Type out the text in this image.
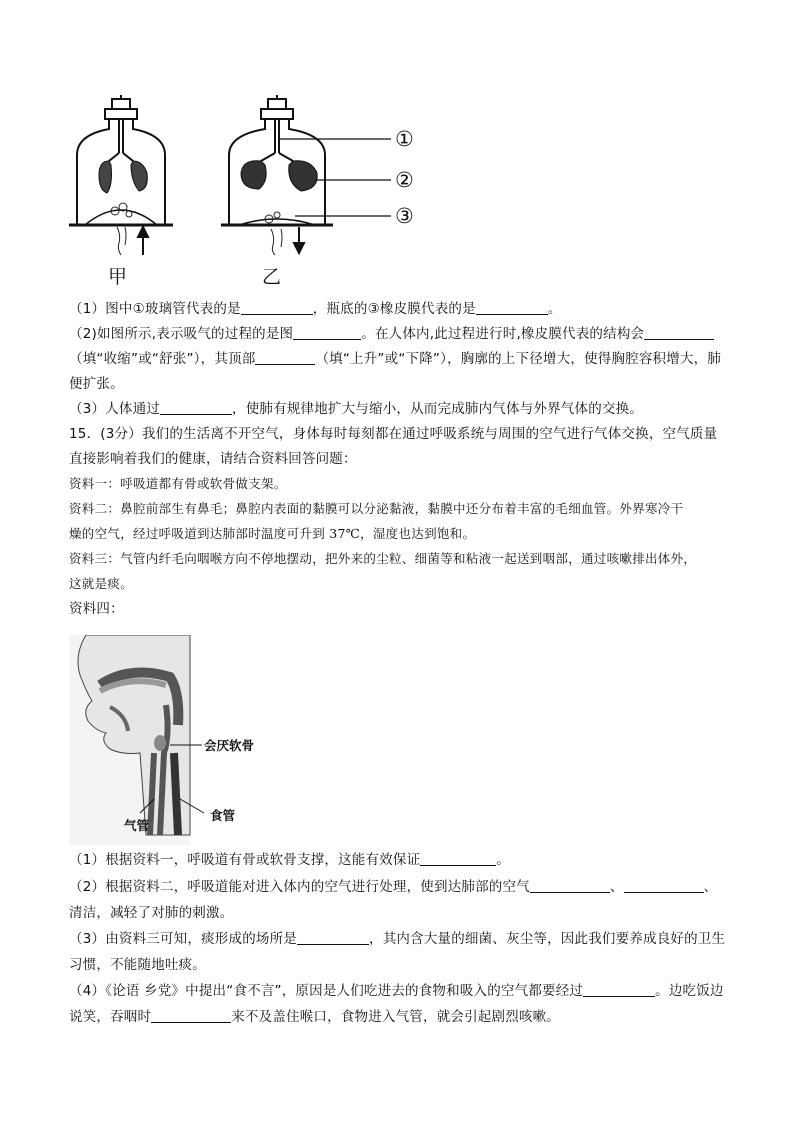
①
②
③
甲	乙
（1）图中①玻璃管代表的是	，瓶底的③橡皮膜代表的是	。
（2)如图所示,表示吸气的过程的是图	。在人体内,此过程进行时,橡皮膜代表的结构会
（填“收缩”或“舒张”），其顶部	（填“上升”或“下降”），胸廓的上下径增大，使得胸腔容积增大，肺
便扩张。
（3）人体通过	，使肺有规律地扩大与缩小，从而完成肺内气体与外界气体的交换。
15．(3分）我们的生活离不开空气，身体每时每刻都在通过呼吸系统与周围的空气进行气体交换，空气质量
直接影响着我们的健康，请结合资料回答问题：
资料一：呼吸道都有骨或软骨做支架。
资料二：鼻腔前部生有鼻毛；鼻腔内表面的黏膜可以分泌黏液，黏膜中还分布着丰富的毛细血管。外界寒冷干
燥的空气，经过呼吸道到达肺部时温度可升到 37℃，湿度也达到饱和。
资料三：气管内纤毛向咽喉方向不停地摆动，把外来的尘粒、细菌等和粘液一起送到咽部，通过咳嗽排出体外，
这就是痰。
资料四：
会厌软骨
食管
气管
（1）根据资料一，呼吸道有骨或软骨支撑，这能有效保证	。
（2）根据资料二，呼吸道能对进入体内的空气进行处理，使到达肺部的空气	、	、
清洁，减轻了对肺的刺激。
（3）由资料三可知，痰形成的场所是	，其内含大量的细菌、灰尘等，因此我们要养成良好的卫生
习惯，不能随地吐痰。
（4）《论语 乡党》中提出“食不言”，原因是人们吃进去的食物和吸入的空气都要经过	。边吃饭边
说笑，吞咽时	来不及盖住喉口，食物进入气管，就会引起剧烈咳嗽。
